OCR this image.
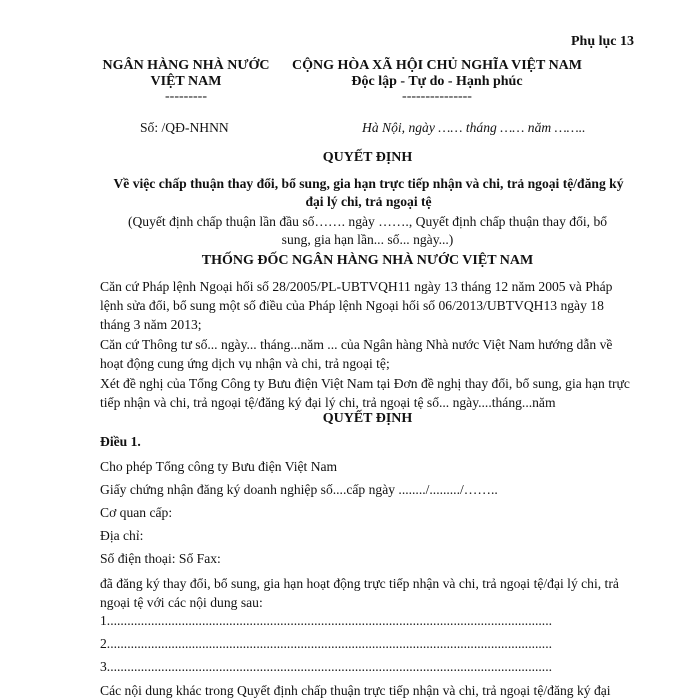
Phụ lục 13
NGÂN HÀNG NHÀ NƯỚC
VIỆT NAM
---------
CỘNG HÒA XÃ HỘI CHỦ NGHĨA VIỆT NAM
Độc lập - Tự do - Hạnh phúc
---------------
Số: /QĐ-NHNN	Hà Nội, ngày …… tháng …… năm ……..
QUYẾT ĐỊNH
Về việc chấp thuận thay đổi, bổ sung, gia hạn trực tiếp nhận và chi, trả ngoại tệ/đăng ký
đại lý chi, trả ngoại tệ
(Quyết định chấp thuận lần đầu số……. ngày ……., Quyết định chấp thuận thay đổi, bổ
sung, gia hạn lần... số... ngày...)
THỐNG ĐỐC NGÂN HÀNG NHÀ NƯỚC VIỆT NAM
Căn cứ Pháp lệnh Ngoại hối số 28/2005/PL-UBTVQH11 ngày 13 tháng 12 năm 2005 và Pháp lệnh sửa đổi, bổ sung một số điều của Pháp lệnh Ngoại hối số 06/2013/UBTVQH13 ngày 18 tháng 3 năm 2013;
Căn cứ Thông tư số... ngày... tháng...năm ... của Ngân hàng Nhà nước Việt Nam hướng dẫn về hoạt động cung ứng dịch vụ nhận và chi, trả ngoại tệ;
Xét đề nghị của Tổng Công ty Bưu điện Việt Nam tại Đơn đề nghị thay đổi, bổ sung, gia hạn trực tiếp nhận và chi, trả ngoại tệ/đăng ký đại lý chi, trả ngoại tệ số... ngày....tháng...năm
QUYẾT ĐỊNH
Điều 1.
Cho phép Tổng công ty Bưu điện Việt Nam
Giấy chứng nhận đăng ký doanh nghiệp số....cấp ngày ......../........./……..
Cơ quan cấp:
Địa chỉ:
Số điện thoại: Số Fax:
đã đăng ký thay đổi, bổ sung, gia hạn hoạt động trực tiếp nhận và chi, trả ngoại tệ/đại lý chi, trả ngoại tệ với các nội dung sau:
1...................................................................................................................................
2...................................................................................................................................
3...................................................................................................................................
Các nội dung khác trong Quyết định chấp thuận trực tiếp nhận và chi, trả ngoại tệ/đăng ký đại
